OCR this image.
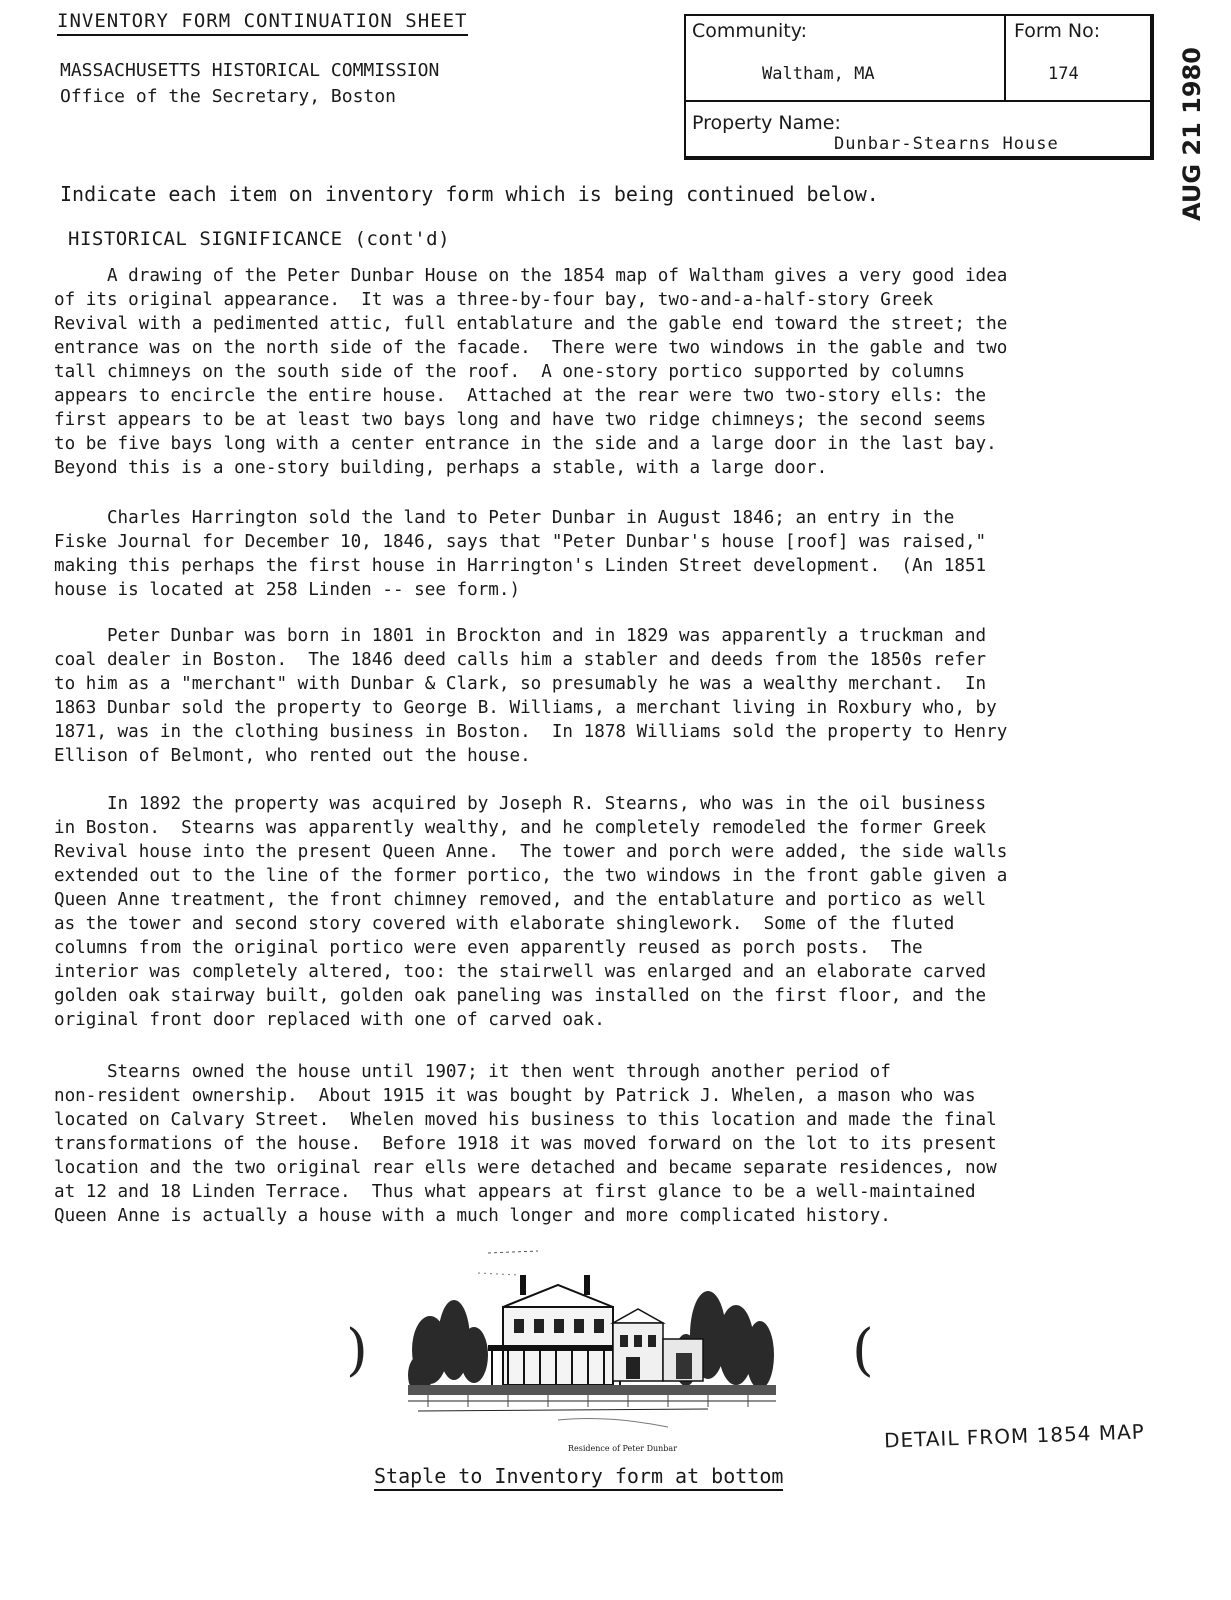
INVENTORY FORM CONTINUATION SHEET
MASSACHUSETTS HISTORICAL COMMISSION
Office of the Secretary, Boston
Community:
Waltham, MA
Form No:
174
Property Name:
Dunbar-Stearns House	AUG 21 1980
Indicate each item on inventory form which is being continued below.
HISTORICAL SIGNIFICANCE (cont'd)
A drawing of the Peter Dunbar House on the 1854 map of Waltham gives a very good idea
of its original appearance.  It was a three-by-four bay, two-and-a-half-story Greek
Revival with a pedimented attic, full entablature and the gable end toward the street; the
entrance was on the north side of the facade.  There were two windows in the gable and two
tall chimneys on the south side of the roof.  A one-story portico supported by columns
appears to encircle the entire house.  Attached at the rear were two two-story ells: the
first appears to be at least two bays long and have two ridge chimneys; the second seems
to be five bays long with a center entrance in the side and a large door in the last bay.
Beyond this is a one-story building, perhaps a stable, with a large door.
Charles Harrington sold the land to Peter Dunbar in August 1846; an entry in the
Fiske Journal for December 10, 1846, says that "Peter Dunbar's house [roof] was raised,"
making this perhaps the first house in Harrington's Linden Street development.  (An 1851
house is located at 258 Linden -- see form.)
Peter Dunbar was born in 1801 in Brockton and in 1829 was apparently a truckman and
coal dealer in Boston.  The 1846 deed calls him a stabler and deeds from the 1850s refer
to him as a "merchant" with Dunbar & Clark, so presumably he was a wealthy merchant.  In
1863 Dunbar sold the property to George B. Williams, a merchant living in Roxbury who, by
1871, was in the clothing business in Boston.  In 1878 Williams sold the property to Henry
Ellison of Belmont, who rented out the house.
In 1892 the property was acquired by Joseph R. Stearns, who was in the oil business
in Boston.  Stearns was apparently wealthy, and he completely remodeled the former Greek
Revival house into the present Queen Anne.  The tower and porch were added, the side walls
extended out to the line of the former portico, the two windows in the front gable given a
Queen Anne treatment, the front chimney removed, and the entablature and portico as well
as the tower and second story covered with elaborate shinglework.  Some of the fluted
columns from the original portico were even apparently reused as porch posts.  The
interior was completely altered, too: the stairwell was enlarged and an elaborate carved
golden oak stairway built, golden oak paneling was installed on the first floor, and the
original front door replaced with one of carved oak.
Stearns owned the house until 1907; it then went through another period of
non-resident ownership.  About 1915 it was bought by Patrick J. Whelen, a mason who was
located on Calvary Street.  Whelen moved his business to this location and made the final
transformations of the house.  Before 1918 it was moved forward on the lot to its present
location and the two original rear ells were detached and became separate residences, now
at 12 and 18 Linden Terrace.  Thus what appears at first glance to be a well-maintained
Queen Anne is actually a house with a much longer and more complicated history.
)	(
Residence of Peter Dunbar	DETAIL FROM 1854 MAP
Staple to Inventory form at bottom
